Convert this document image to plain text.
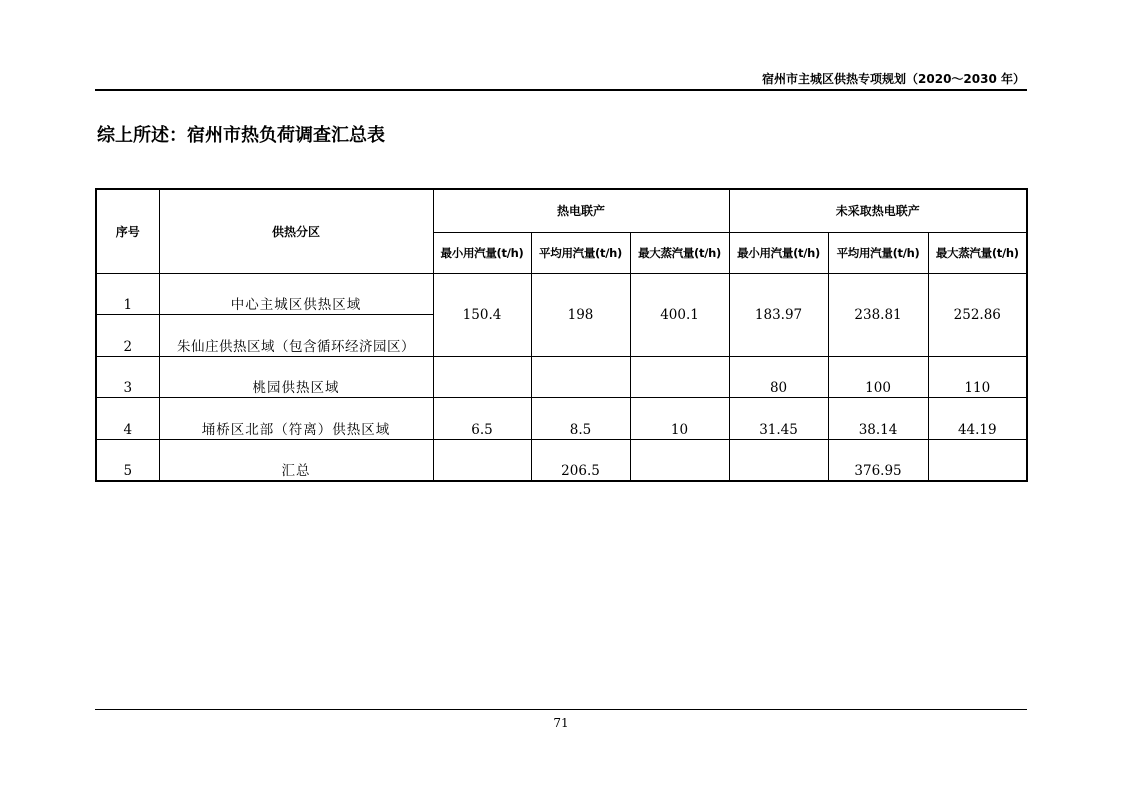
宿州市主城区供热专项规划（2020～2030 年）
综上所述：宿州市热负荷调查汇总表
序号	供热分区	热电联产			未采取热电联产		
		最小用汽量(t/h)	平均用汽量(t/h)	最大蒸汽量(t/h)	最小用汽量(t/h)	平均用汽量(t/h)	最大蒸汽量(t/h)
1	中心主城区供热区域	150.4	198	400.1	183.97	238.81	252.86
2	朱仙庄供热区域（包含循环经济园区）						
3	桃园供热区域				80	100	110
4	埇桥区北部（符离）供热区域	6.5	8.5	10	31.45	38.14	44.19
5	汇总		206.5			376.95	
71
